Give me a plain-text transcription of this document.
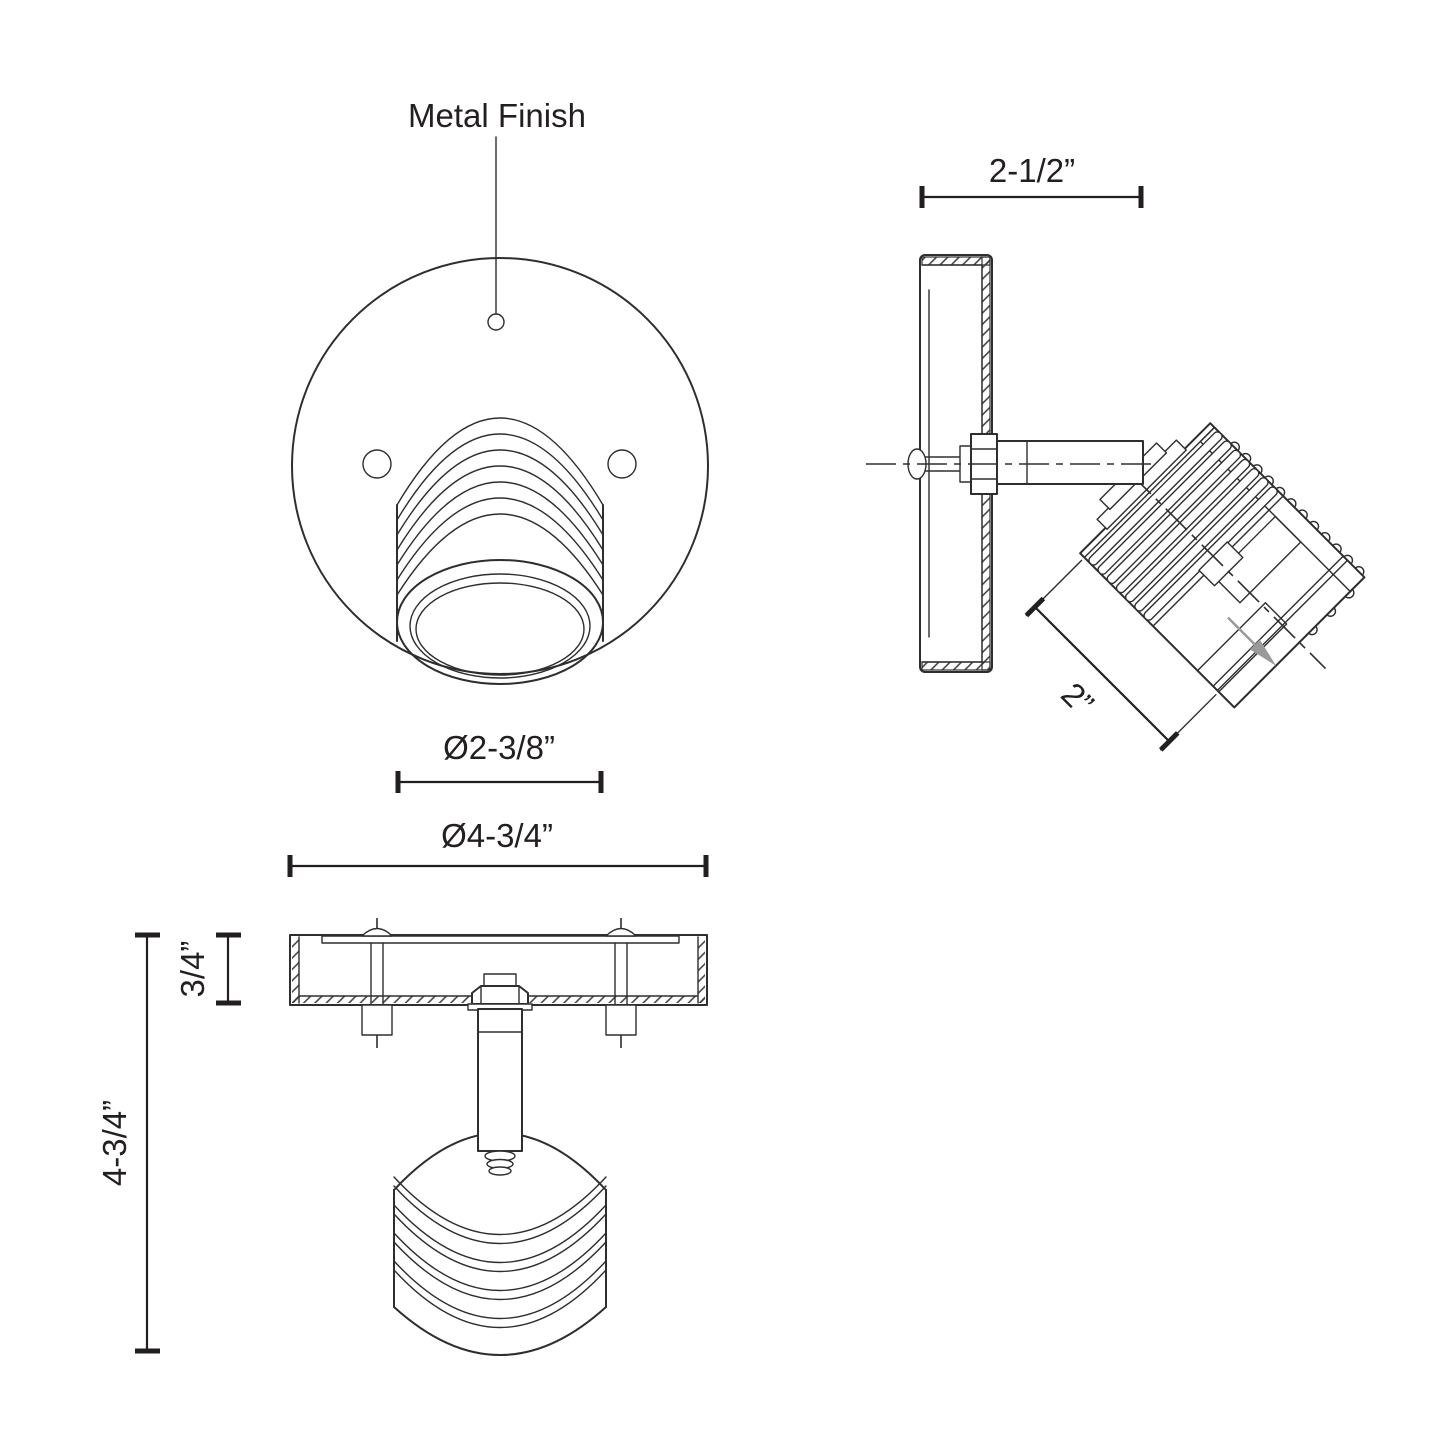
Metal Finish
Ø2-3/8”
Ø4-3/4”
2-1/2”
2”
3/4”
4-3/4”
